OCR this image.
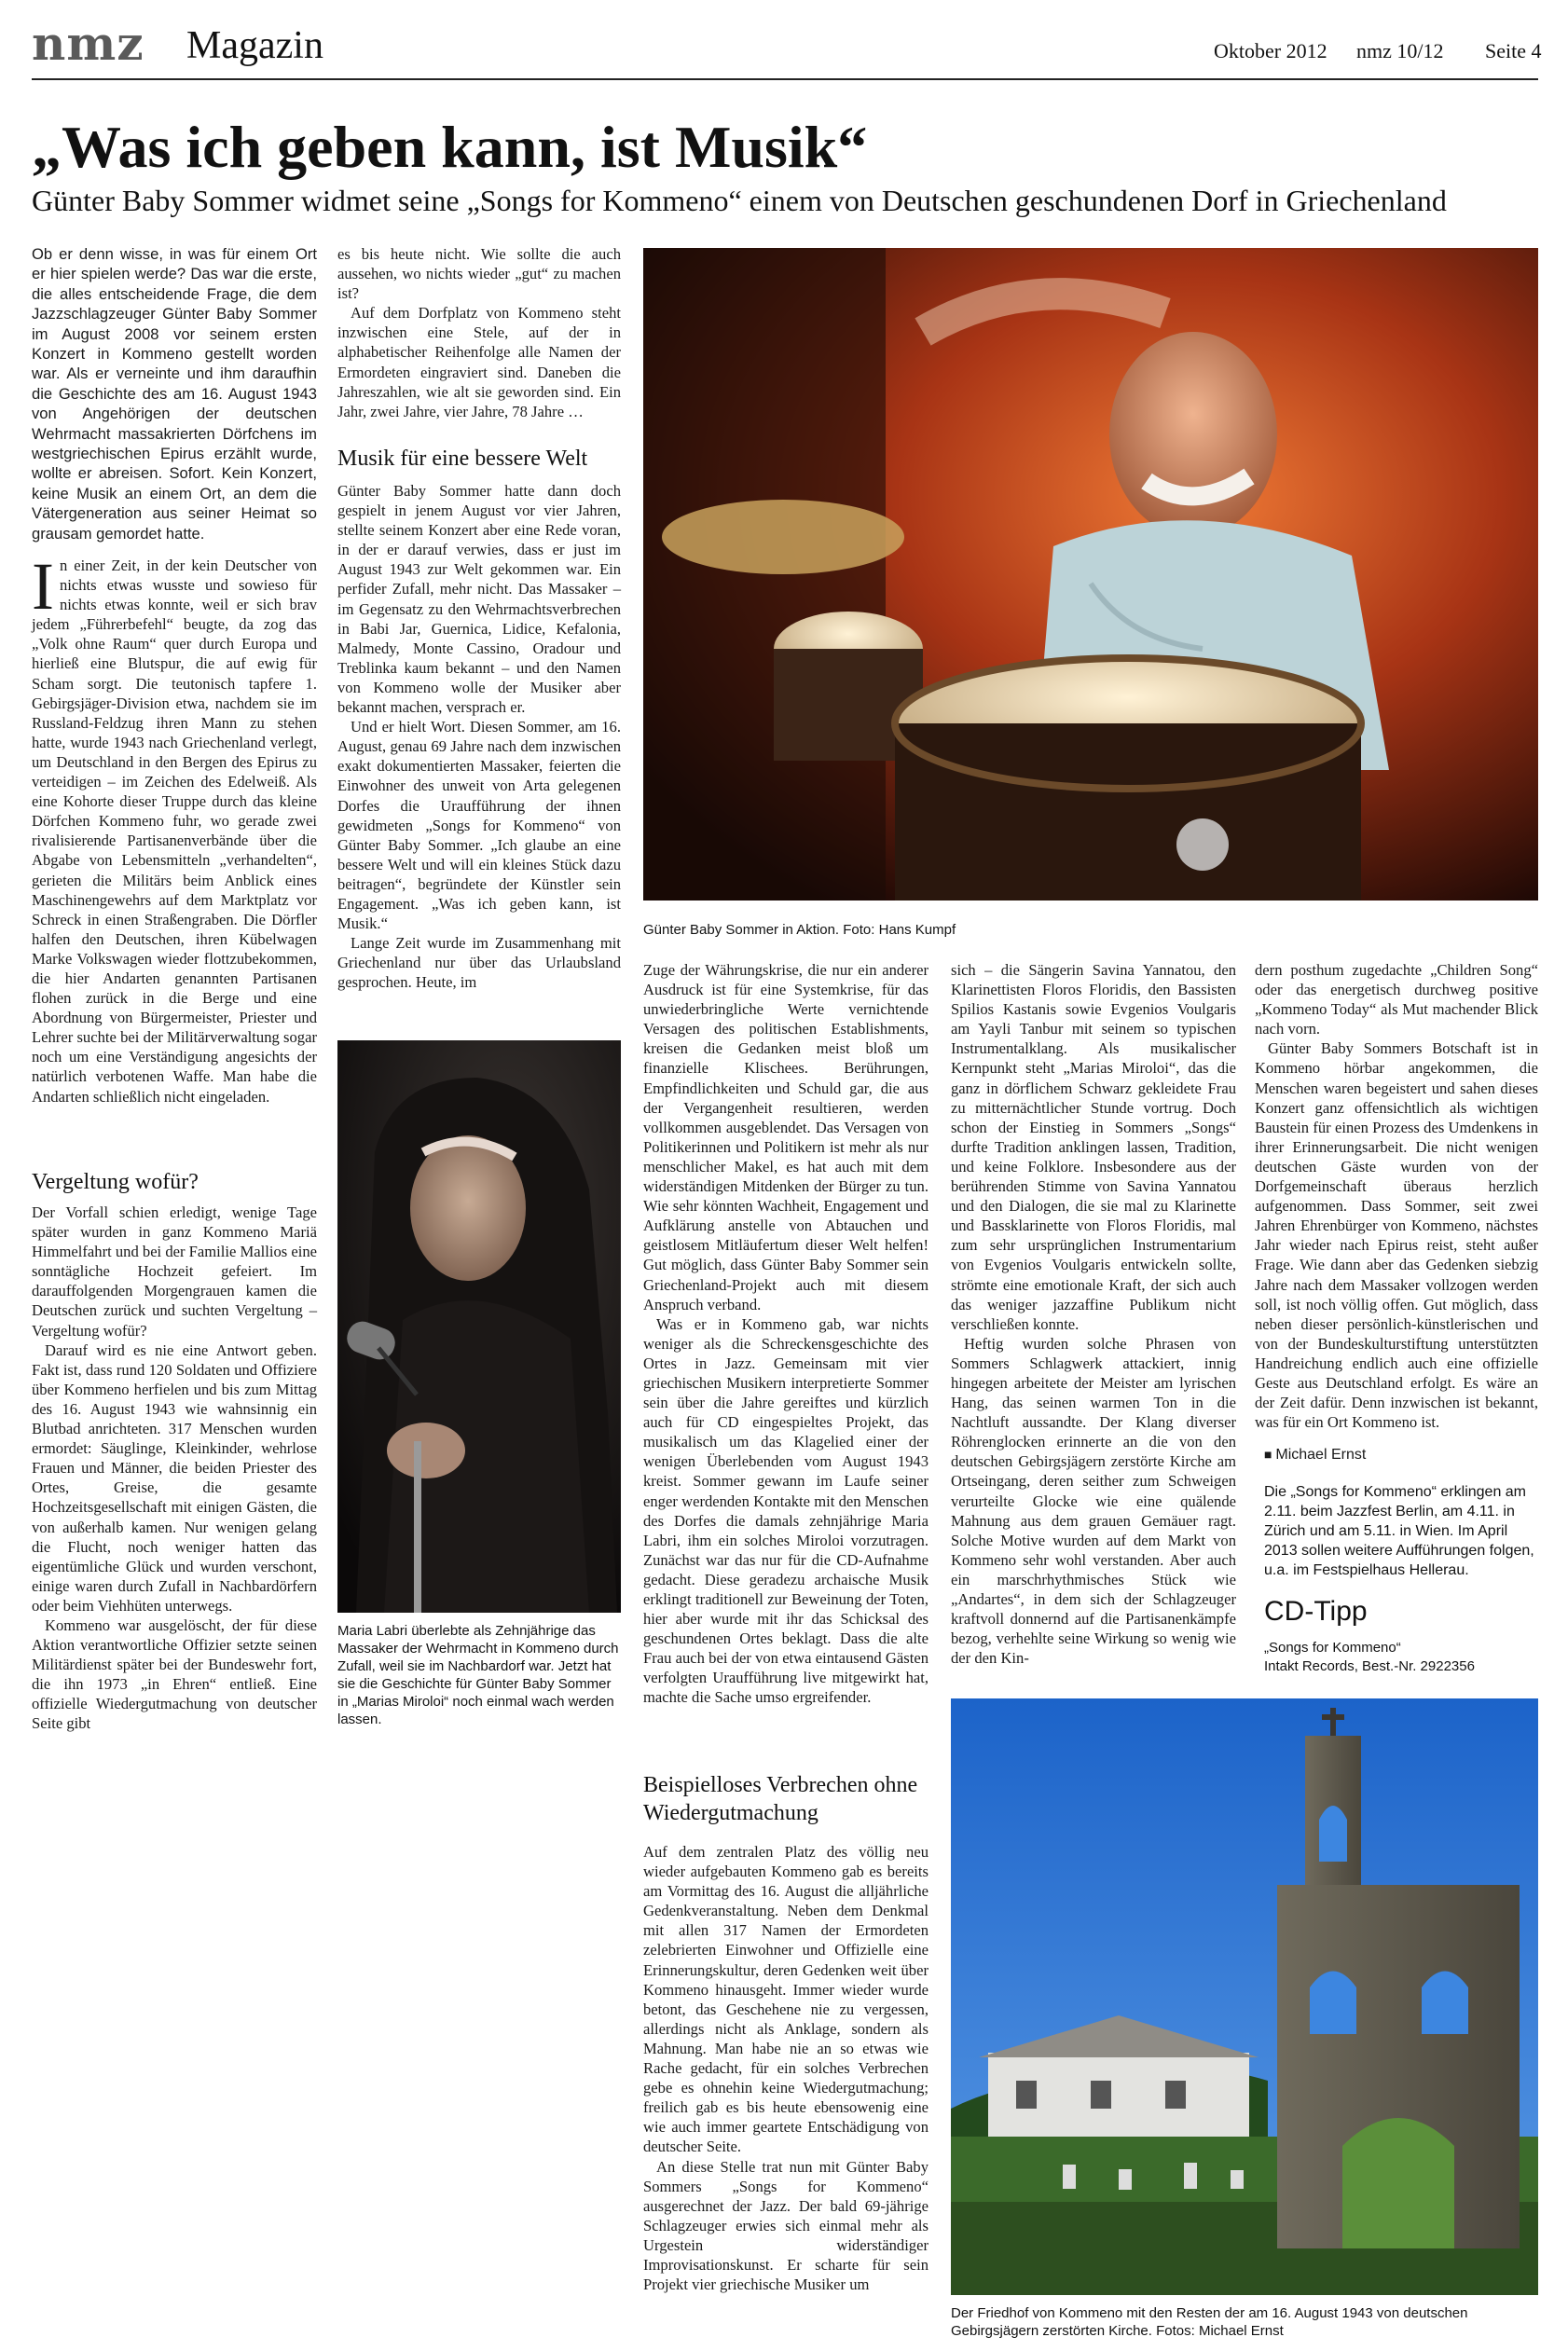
nmz Magazin	Oktober 2012 nmz 10/12 Seite 4
„Was ich geben kann, ist Musik“
Günter Baby Sommer widmet seine „Songs for Kommeno“ einem von Deutschen geschundenen Dorf in Griechenland
Ob er denn wisse, in was für einem Ort er hier spielen werde? Das war die erste, die alles entscheidende Frage, die dem Jazzschlagzeuger Günter Baby Sommer im August 2008 vor seinem ersten Konzert in Kommeno gestellt worden war. Als er verneinte und ihm daraufhin die Geschichte des am 16. August 1943 von Angehörigen der deutschen Wehrmacht massakrierten Dörfchens im westgriechischen Epirus erzählt wurde, wollte er abreisen. Sofort. Kein Konzert, keine Musik an einem Ort, an dem die Vätergeneration aus seiner Heimat so grausam gemordet hatte.

In einer Zeit, in der kein Deutscher von nichts etwas wusste und sowieso für nichts etwas konnte, weil er sich brav jedem „Führerbefehl“ beugte, da zog das „Volk ohne Raum“ quer durch Europa und hierließ eine Blutspur, die auf ewig für Scham sorgt. Die teutonisch tapfere 1. Gebirgsjäger-Division etwa, nachdem sie im Russland-Feldzug ihren Mann zu stehen hatte, wurde 1943 nach Griechenland verlegt, um Deutschland in den Bergen des Epirus zu verteidigen – im Zeichen des Edelweiß. Als eine Kohorte dieser Truppe durch das kleine Dörfchen Kommeno fuhr, wo gerade zwei rivalisierende Partisanenverbände über die Abgabe von Lebensmitteln „verhandelten“, gerieten die Militärs beim Anblick eines Maschinengewehrs auf dem Marktplatz vor Schreck in einen Straßengraben. Die Dörfler halfen den Deutschen, ihren Kübelwagen Marke Volkswagen wieder flottzubekommen, die hier Andarten genannten Partisanen flohen zurück in die Berge und eine Abordnung von Bürgermeister, Priester und Lehrer suchte bei der Militärverwaltung sogar noch um eine Verständigung angesichts der natürlich verbotenen Waffe. Man habe die Andarten schließlich nicht eingeladen.

Vergeltung wofür?

Der Vorfall schien erledigt, wenige Tage später wurden in ganz Kommeno Mariä Himmelfahrt und bei der Familie Mallios eine sonntägliche Hochzeit gefeiert. Im darauffolgenden Morgengrauen kamen die Deutschen zurück und suchten Vergeltung – Vergeltung wofür?

Darauf wird es nie eine Antwort geben. Fakt ist, dass rund 120 Soldaten und Offiziere über Kommeno herfielen und bis zum Mittag des 16. August 1943 wie wahnsinnig ein Blutbad anrichteten. 317 Menschen wurden ermordet: Säuglinge, Kleinkinder, wehrlose Frauen und Männer, die beiden Priester des Ortes, Greise, die gesamte Hochzeitsgesellschaft mit einigen Gästen, die von außerhalb kamen. Nur wenigen gelang die Flucht, noch weniger hatten das eigentümliche Glück und wurden verschont, einige waren durch Zufall in Nachbardörfern oder beim Viehhüten unterwegs.

Kommeno war ausgelöscht, der für diese Aktion verantwortliche Offizier setzte seinen Militärdienst später bei der Bundeswehr fort, die ihn 1973 „in Ehren“ entließ. Eine offizielle Wiedergutmachung von deutscher Seite gibt

es bis heute nicht. Wie sollte die auch aussehen, wo nichts wieder „gut“ zu machen ist?

Auf dem Dorfplatz von Kommeno steht inzwischen eine Stele, auf der in alphabetischer Reihenfolge alle Namen der Ermordeten eingraviert sind. Daneben die Jahreszahlen, wie alt sie geworden sind. Ein Jahr, zwei Jahre, vier Jahre, 78 Jahre …

Musik für eine bessere Welt

Günter Baby Sommer hatte dann doch gespielt in jenem August vor vier Jahren, stellte seinem Konzert aber eine Rede voran, in der er darauf verwies, dass er just im August 1943 zur Welt gekommen war. Ein perfider Zufall, mehr nicht. Das Massaker – im Gegensatz zu den Wehrmachtsverbrechen in Babi Jar, Guernica, Lidice, Kefalonia, Malmedy, Monte Cassino, Oradour und Treblinka kaum bekannt – und den Namen von Kommeno wolle der Musiker aber bekannt machen, versprach er.

Und er hielt Wort. Diesen Sommer, am 16. August, genau 69 Jahre nach dem inzwischen exakt dokumentierten Massaker, feierten die Einwohner des unweit von Arta gelegenen Dorfes die Uraufführung der ihnen gewidmeten „Songs for Kommeno“ von Günter Baby Sommer. „Ich glaube an eine bessere Welt und will ein kleines Stück dazu beitragen“, begründete der Künstler sein Engagement. „Was ich geben kann, ist Musik.“

Lange Zeit wurde im Zusammenhang mit Griechenland nur über das Urlaubsland gesprochen. Heute, im

Maria Labri überlebte als Zehnjährige das Massaker der Wehrmacht in Kommeno durch Zufall, weil sie im Nachbardorf war. Jetzt hat sie die Geschichte für Günter Baby Sommer in „Marias Miroloi“ noch einmal wach werden lassen.
Günter Baby Sommer in Aktion. Foto: Hans Kumpf

Zuge der Währungskrise, die nur ein anderer Ausdruck ist für eine Systemkrise, für das unwiederbringliche Werte vernichtende Versagen des politischen Establishments, kreisen die Gedanken meist bloß um finanzielle Klischees. Berührungen, Empfindlichkeiten und Schuld gar, die aus der Vergangenheit resultieren, werden vollkommen ausgeblendet. Das Versagen von Politikerinnen und Politikern ist mehr als nur menschlicher Makel, es hat auch mit dem widerständigen Mitdenken der Bürger zu tun. Wie sehr könnten Wachheit, Engagement und Aufklärung anstelle von Abtauchen und geistlosem Mitläufertum dieser Welt helfen! Gut möglich, dass Günter Baby Sommer sein Griechenland-Projekt auch mit diesem Anspruch verband.

Was er in Kommeno gab, war nichts weniger als die Schreckensgeschichte des Ortes in Jazz. Gemeinsam mit vier griechischen Musikern interpretierte Sommer sein über die Jahre gereiftes und kürzlich auch für CD eingespieltes Projekt, das musikalisch um das Klagelied einer der wenigen Überlebenden vom August 1943 kreist. Sommer gewann im Laufe seiner enger werdenden Kontakte mit den Menschen des Dorfes die damals zehnjährige Maria Labri, ihm ein solches Miroloi vorzutragen. Zunächst war das nur für die CD-Aufnahme gedacht. Diese geradezu archaische Musik erklingt traditionell zur Beweinung der Toten, hier aber wurde mit ihr das Schicksal des geschundenen Ortes beklagt. Dass die alte Frau auch bei der von etwa eintausend Gästen verfolgten Uraufführung live mitgewirkt hat, machte die Sache umso ergreifender.

Beispielloses Verbrechen ohne Wiedergutmachung

Auf dem zentralen Platz des völlig neu wieder aufgebauten Kommeno gab es bereits am Vormittag des 16. August die alljährliche Gedenkveranstaltung. Neben dem Denkmal mit allen 317 Namen der Ermordeten zelebrierten Einwohner und Offizielle eine Erinnerungskultur, deren Gedenken weit über Kommeno hinausgeht. Immer wieder wurde betont, das Geschehene nie zu vergessen, allerdings nicht als Anklage, sondern als Mahnung. Man habe nie an so etwas wie Rache gedacht, für ein solches Verbrechen gebe es ohnehin keine Wiedergutmachung; freilich gab es bis heute ebensowenig eine wie auch immer geartete Entschädigung von deutscher Seite.

An diese Stelle trat nun mit Günter Baby Sommers „Songs for Kommeno“ ausgerechnet der Jazz. Der bald 69-jährige Schlagzeuger erwies sich einmal mehr als Urgestein widerständiger Improvisationskunst. Er scharte für sein Projekt vier griechische Musiker um

sich – die Sängerin Savina Yannatou, den Klarinettisten Floros Floridis, den Bassisten Spilios Kastanis sowie Evgenios Voulgaris am Yayli Tanbur mit seinem so typischen Instrumentalklang. Als musikalischer Kernpunkt steht „Marias Miroloi“, das die ganz in dörflichem Schwarz gekleidete Frau zu mitternächtlicher Stunde vortrug. Doch schon der Einstieg in Sommers „Songs“ durfte Tradition anklingen lassen, Tradition, und keine Folklore. Insbesondere aus der berührenden Stimme von Savina Yannatou und den Dialogen, die sie mal zu Klarinette und Bassklarinette von Floros Floridis, mal zum sehr ursprünglichen Instrumentarium von Evgenios Voulgaris entwickeln sollte, strömte eine emotionale Kraft, der sich auch das weniger jazzaffine Publikum nicht verschließen konnte.

Heftig wurden solche Phrasen von Sommers Schlagwerk attackiert, innig hingegen arbeitete der Meister am lyrischen Hang, das seinen warmen Ton in die Nachtluft aussandte. Der Klang diverser Röhrenglocken erinnerte an die von den deutschen Gebirgsjägern zerstörte Kirche am Ortseingang, deren seither zum Schweigen verurteilte Glocke wie eine quälende Mahnung aus dem grauen Gemäuer ragt. Solche Motive wurden auf dem Markt von Kommeno sehr wohl verstanden. Aber auch ein marschrhythmisches Stück wie „Andartes“, in dem sich der Schlagzeuger kraftvoll donnernd auf die Partisanenkämpfe bezog, verhehlte seine Wirkung so wenig wie der den Kin-

dern posthum zugedachte „Children Song“ oder das energetisch durchweg positive „Kommeno Today“ als Mut machender Blick nach vorn.

Günter Baby Sommers Botschaft ist in Kommeno hörbar angekommen, die Menschen waren begeistert und sahen dieses Konzert ganz offensichtlich als wichtigen Baustein für einen Prozess des Umdenkens in ihrer Erinnerungsarbeit. Die nicht wenigen deutschen Gäste wurden von der Dorfgemeinschaft überaus herzlich aufgenommen. Dass Sommer, seit zwei Jahren Ehrenbürger von Kommeno, nächstes Jahr wieder nach Epirus reist, steht außer Frage. Wie dann aber das Gedenken siebzig Jahre nach dem Massaker vollzogen werden soll, ist noch völlig offen. Gut möglich, dass neben dieser persönlich-künstlerischen und von der Bundeskulturstiftung unterstützten Handreichung endlich auch eine offizielle Geste aus Deutschland erfolgt. Es wäre an der Zeit dafür. Denn inzwischen ist bekannt, was für ein Ort Kommeno ist.

■ Michael Ernst
Die „Songs for Kommeno“ erklingen am 2.11. beim Jazzfest Berlin, am 4.11. in Zürich und am 5.11. in Wien. Im April 2013 sollen weitere Aufführungen folgen, u.a. im Festspielhaus Hellerau.
CD-Tipp
„Songs for Kommeno“
Intakt Records, Best.-Nr. 2922356
Der Friedhof von Kommeno mit den Resten der am 16. August 1943 von deutschen Gebirgsjägern zerstörten Kirche. Fotos: Michael Ernst
